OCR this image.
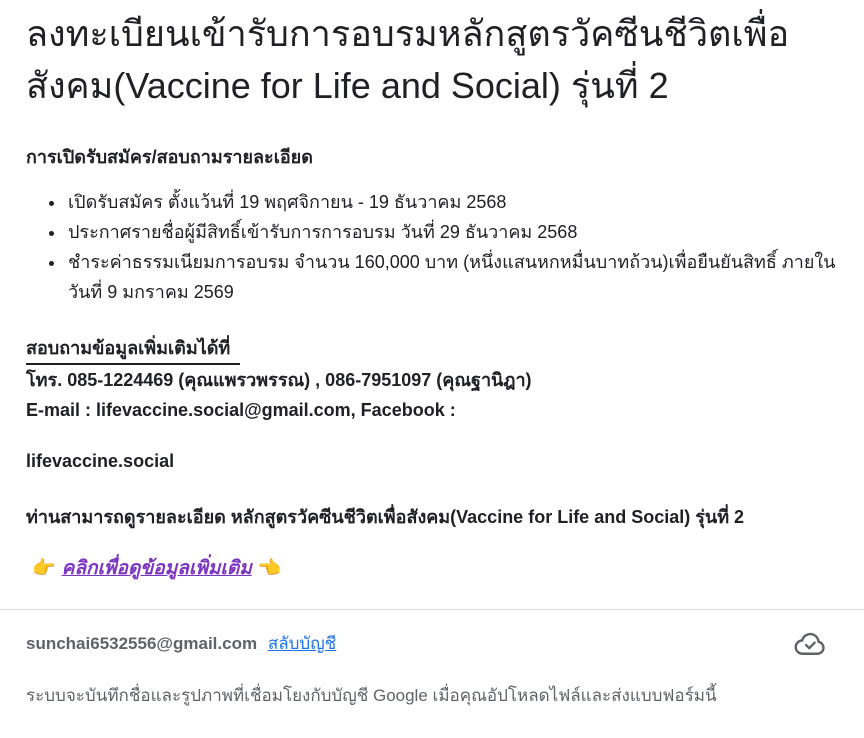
ลงทะเบียนเข้ารับการอบรมหลักสูตรวัคซีนชีวิตเพื่อสังคม(Vaccine for Life and Social) รุ่นที่ 2
การเปิดรับสมัคร/สอบถามรายละเอียด
• เปิดรับสมัคร ตั้งแว้นที่ 19 พฤศจิกายน - 19 ธันวาคม 2568
• ประกาศรายชื่อผู้มีสิทธิ์เข้ารับการการอบรม วันที่ 29 ธันวาคม 2568
• ชำระค่าธรรมเนียมการอบรม จำนวน 160,000 บาท (หนึ่งแสนหกหมื่นบาทถ้วน)เพื่อยืนยันสิทธิ์ ภายในวันที่ 9 มกราคม 2569
สอบถามข้อมูลเพิ่มเติมได้ที่
โทร. 085-1224469 (คุณแพรวพรรณ) , 086-7951097 (คุณฐานิฎา)
E-mail : lifevaccine.social@gmail.com, Facebook :
lifevaccine.social
ท่านสามารถดูรายละเอียด หลักสูตรวัคซีนชีวิตเพื่อสังคม(Vaccine for Life and Social) รุ่นที่ 2
👉 คลิกเพื่อดูข้อมูลเพิ่มเติม 👈
sunchai6532556@gmail.com สลับบัญชี
ระบบจะบันทึกชื่อและรูปภาพที่เชื่อมโยงกับบัญชี Google เมื่อคุณอัปโหลดไฟล์และส่งแบบฟอร์มนี้
